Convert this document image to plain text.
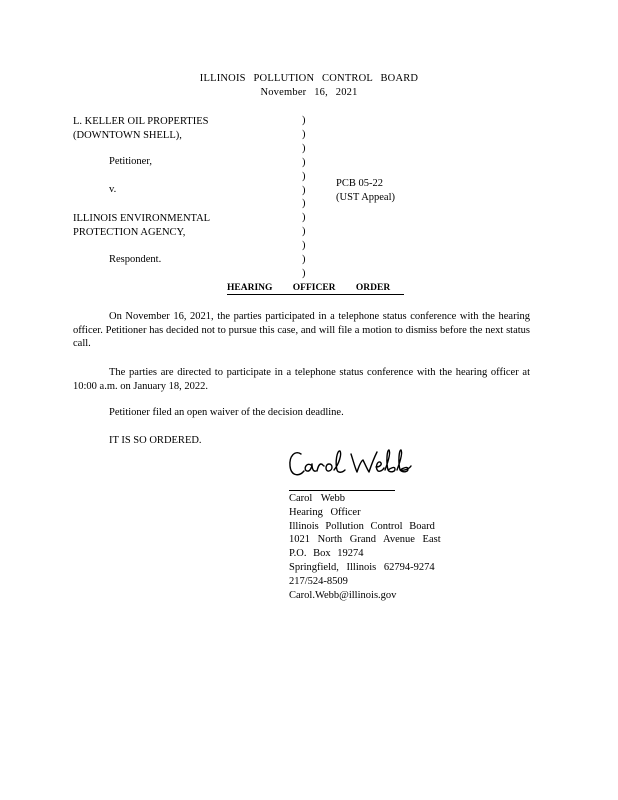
ILLINOIS POLLUTION CONTROL BOARD
November 16, 2021
L. KELLER OIL PROPERTIES
(DOWNTOWN SHELL),
Petitioner,
v.
ILLINOIS ENVIRONMENTAL
PROTECTION AGENCY,
Respondent.
)
)
)
)
)
)
)
)
)
)
)
)
PCB 05-22
(UST Appeal)
HEARING OFFICER ORDER
On November 16, 2021, the parties participated in a telephone status conference with the hearing officer. Petitioner has decided not to pursue this case, and will file a motion to dismiss before the next status call.
The parties are directed to participate in a telephone status conference with the hearing officer at 10:00 a.m. on January 18, 2022.
Petitioner filed an open waiver of the decision deadline.
IT IS SO ORDERED.
Carol Webb
Hearing Officer
Illinois Pollution Control Board
1021 North Grand Avenue East
P.O. Box 19274
Springfield, Illinois 62794-9274
217/524-8509
Carol.Webb@illinois.gov
